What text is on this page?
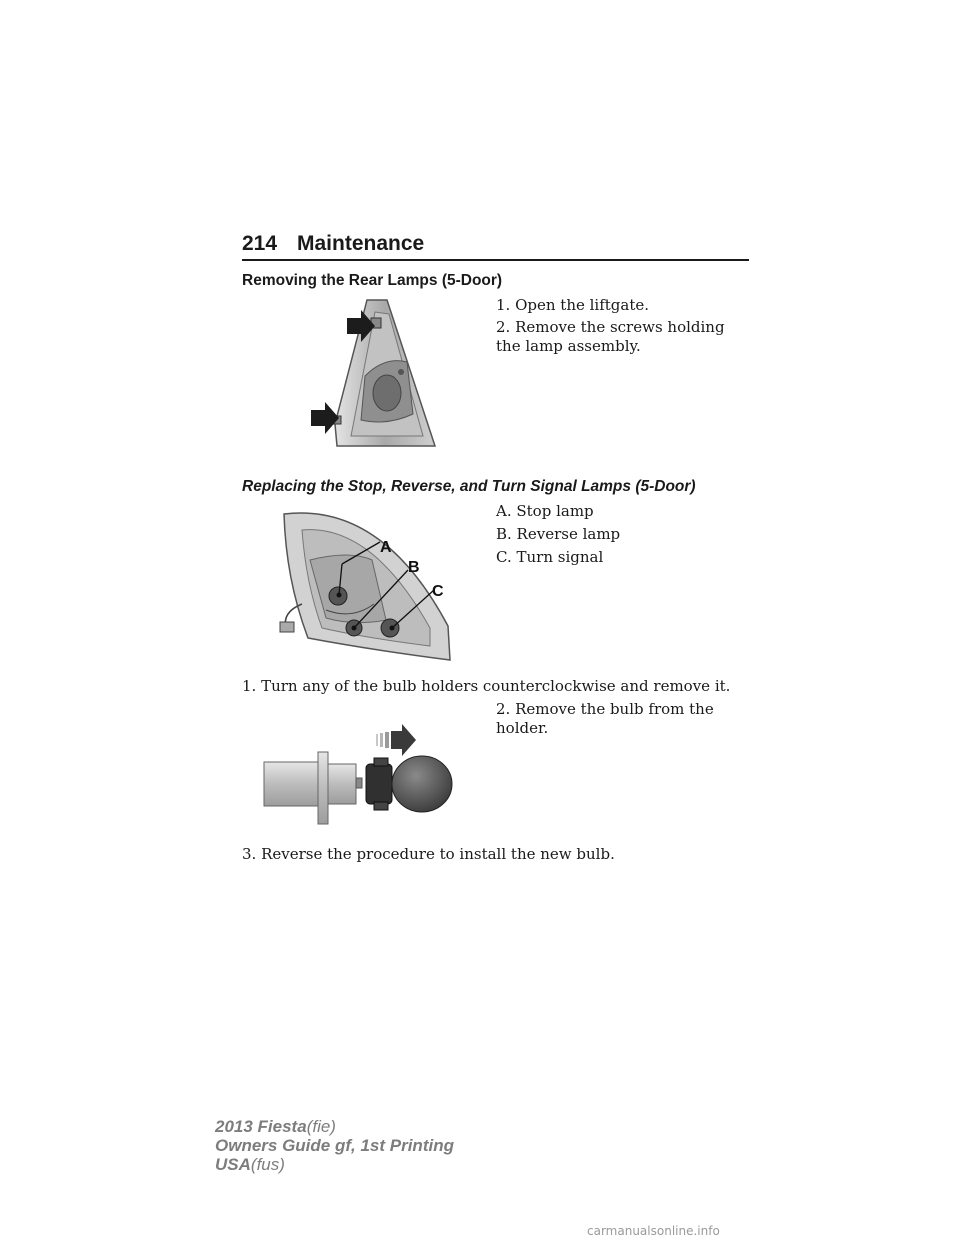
214 Maintenance
Removing the Rear Lamps (5-Door)
1. Open the liftgate.
2. Remove the screws holding the lamp assembly.
Replacing the Stop, Reverse, and Turn Signal Lamps (5-Door)
A
B
C
A. Stop lamp
B. Reverse lamp
C. Turn signal
1. Turn any of the bulb holders counterclockwise and remove it.
2. Remove the bulb from the holder.
3. Reverse the procedure to install the new bulb.
2013 Fiesta(fie)
Owners Guide gf, 1st Printing
USA(fus)
carmanualsonline.info
